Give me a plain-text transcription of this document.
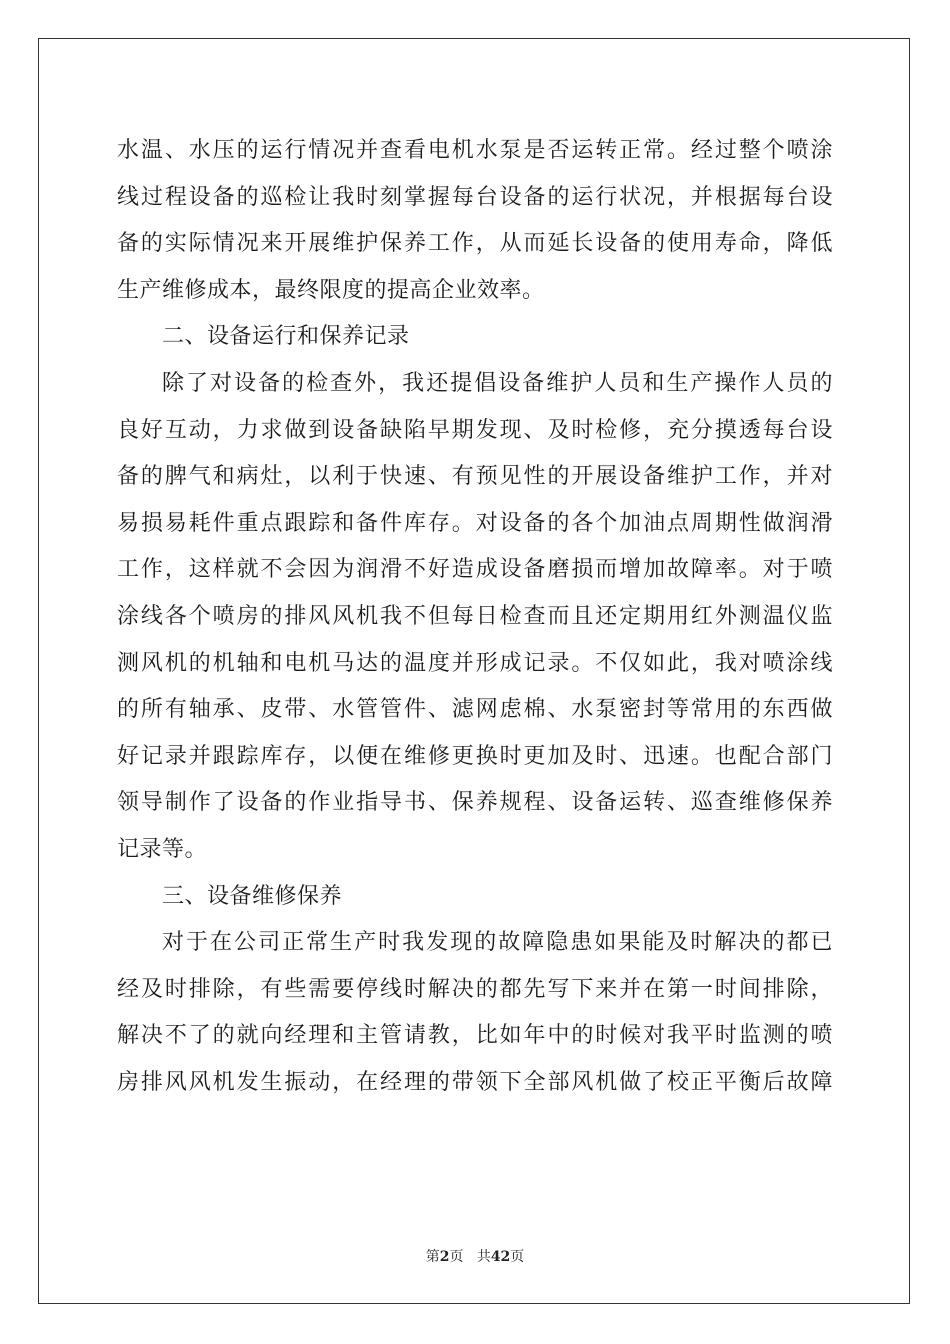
水温、水压的运行情况并查看电机水泵是否运转正常。经过整个喷涂
线过程设备的巡检让我时刻掌握每台设备的运行状况，并根据每台设
备的实际情况来开展维护保养工作，从而延长设备的使用寿命，降低
生产维修成本，最终限度的提高企业效率。
二、设备运行和保养记录
除了对设备的检查外，我还提倡设备维护人员和生产操作人员的
良好互动，力求做到设备缺陷早期发现、及时检修，充分摸透每台设
备的脾气和病灶，以利于快速、有预见性的开展设备维护工作，并对
易损易耗件重点跟踪和备件库存。对设备的各个加油点周期性做润滑
工作，这样就不会因为润滑不好造成设备磨损而增加故障率。对于喷
涂线各个喷房的排风风机我不但每日检查而且还定期用红外测温仪监
测风机的机轴和电机马达的温度并形成记录。不仅如此，我对喷涂线
的所有轴承、皮带、水管管件、滤网虑棉、水泵密封等常用的东西做
好记录并跟踪库存，以便在维修更换时更加及时、迅速。也配合部门
领导制作了设备的作业指导书、保养规程、设备运转、巡查维修保养
记录等。
三、设备维修保养
对于在公司正常生产时我发现的故障隐患如果能及时解决的都已
经及时排除，有些需要停线时解决的都先写下来并在第一时间排除，
解决不了的就向经理和主管请教，比如年中的时候对我平时监测的喷
房排风风机发生振动，在经理的带领下全部风机做了校正平衡后故障
第2页 共42页
